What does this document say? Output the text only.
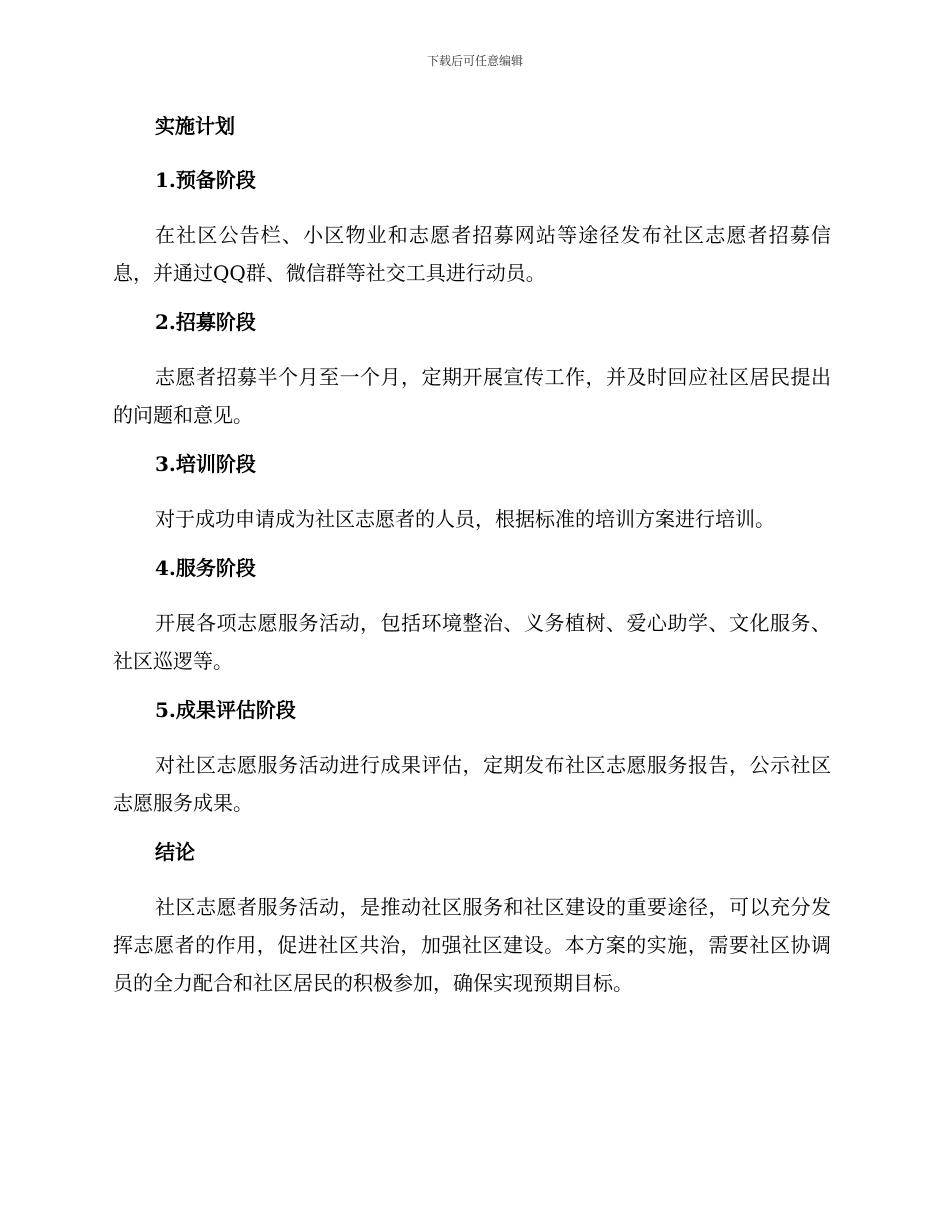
下载后可任意编辑
实施计划
1.预备阶段

在社区公告栏、小区物业和志愿者招募网站等途径发布社区志愿者招募信息，并通过QQ群、微信群等社交工具进行动员。

2.招募阶段

志愿者招募半个月至一个月，定期开展宣传工作，并及时回应社区居民提出的问题和意见。

3.培训阶段

对于成功申请成为社区志愿者的人员，根据标准的培训方案进行培训。

4.服务阶段

开展各项志愿服务活动，包括环境整治、义务植树、爱心助学、文化服务、社区巡逻等。

5.成果评估阶段

对社区志愿服务活动进行成果评估，定期发布社区志愿服务报告，公示社区志愿服务成果。

结论

社区志愿者服务活动，是推动社区服务和社区建设的重要途径，可以充分发挥志愿者的作用，促进社区共治，加强社区建设。本方案的实施，需要社区协调员的全力配合和社区居民的积极参加，确保实现预期目标。
